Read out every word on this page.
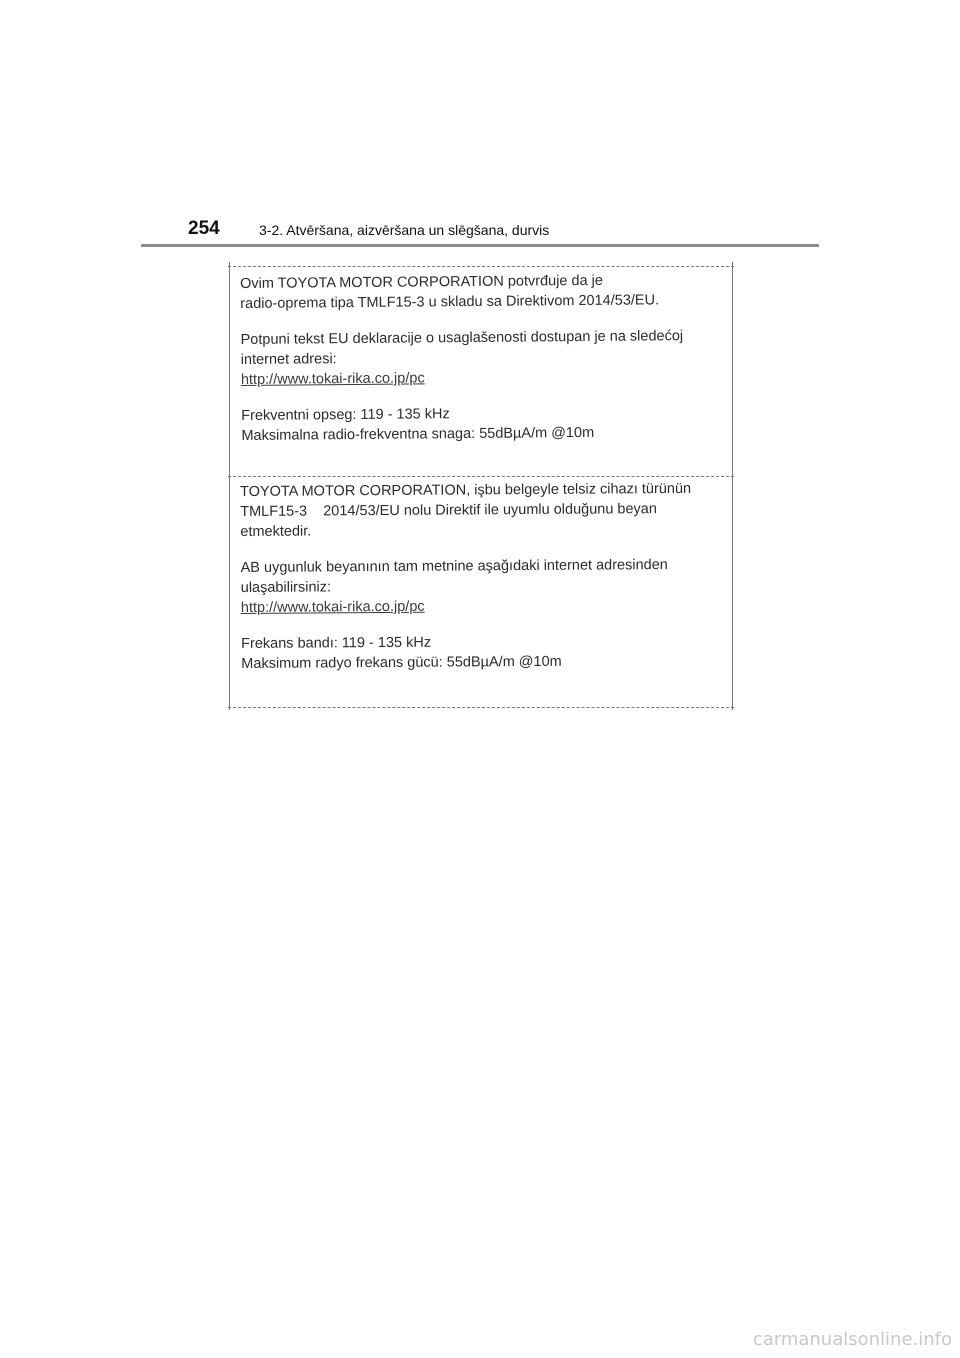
254	3-2. Atvēršana, aizvēršana un slēgšana, durvis

Ovim TOYOTA MOTOR CORPORATION potvrđuje da je

radio-oprema tipa TMLF15-3 u skladu sa Direktivom 2014/53/EU.

Potpuni tekst EU deklaracije o usaglašenosti dostupan je na sledećoj

internet adresi:

http://www.tokai-rika.co.jp/pc

Frekventni opseg: 119 - 135 kHz

Maksimalna radio-frekventna snaga: 55dBµA/m @10m

TOYOTA MOTOR CORPORATION, işbu belgeyle telsiz cihazı türünün

TMLF15-3    2014/53/EU nolu Direktif ile uyumlu olduğunu beyan

etmektedir.

AB uygunluk beyanının tam metnine aşağıdaki internet adresinden

ulaşabilirsiniz:

http://www.tokai-rika.co.jp/pc

Frekans bandı: 119 - 135 kHz

Maksimum radyo frekans gücü: 55dBµA/m @10m

carmanualsonline.info
